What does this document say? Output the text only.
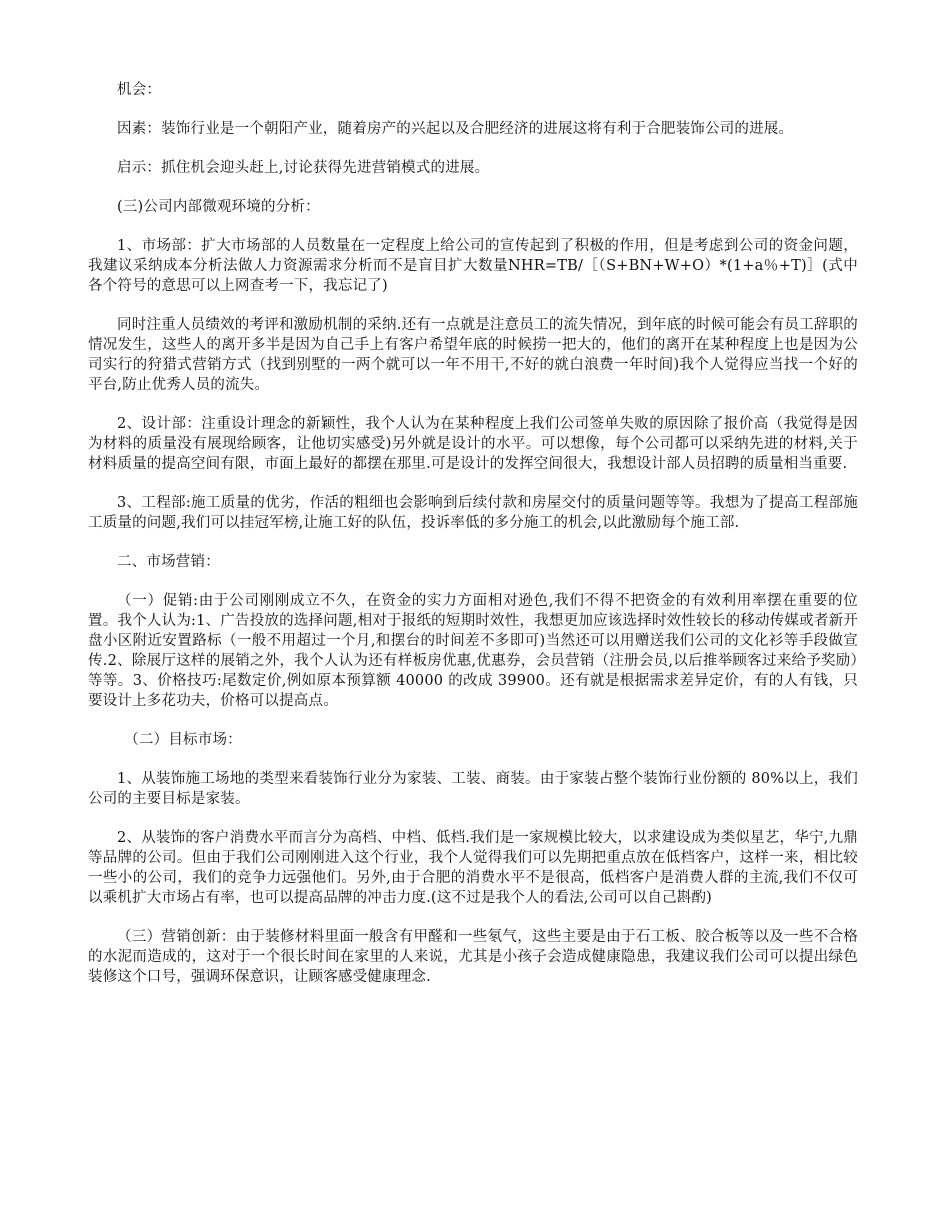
机会：

因素：装饰行业是一个朝阳产业，随着房产的兴起以及合肥经济的进展这将有利于合肥装饰公司的进展。

启示：抓住机会迎头赶上,讨论获得先进营销模式的进展。

(三)公司内部微观环境的分析：

1、市场部：扩大市场部的人员数量在一定程度上给公司的宣传起到了积极的作用，但是考虑到公司的资金问题，我建议采纳成本分析法做人力资源需求分析而不是盲目扩大数量NHR=TB/［（S+BN+W+O）*(1+a％+T)］(式中 各个符号的意思可以上网查考一下，我忘记了)

同时注重人员绩效的考评和激励机制的采纳.还有一点就是注意员工的流失情况，到年底的时候可能会有员工辞职的情况发生，这些人的离开多半是因为自己手上有客户希望年底的时候捞一把大的，他们的离开在某种程度上也是因为公司实行的狩猎式营销方式（找到别墅的一两个就可以一年不用干,不好的就白浪费一年时间)我个人觉得应当找一个好的平台,防止优秀人员的流失。

2、设计部：注重设计理念的新颖性，我个人认为在某种程度上我们公司签单失败的原因除了报价高（我觉得是因为材料的质量没有展现给顾客，让他切实感受)另外就是设计的水平。可以想像，每个公司都可以采纳先进的材料,关于材料质量的提高空间有限，市面上最好的都摆在那里.可是设计的发挥空间很大，我想设计部人员招聘的质量相当重要.

3、工程部:施工质量的优劣，作活的粗细也会影响到后续付款和房屋交付的质量问题等等。我想为了提高工程部施工质量的问题,我们可以挂冠军榜,让施工好的队伍，投诉率低的多分施工的机会,以此激励每个施工部.

二、市场营销：

（一）促销:由于公司刚刚成立不久，在资金的实力方面相对逊色,我们不得不把资金的有效利用率摆在重要的位置。我个人认为:1、广告投放的选择问题,相对于报纸的短期时效性，我想更加应该选择时效性较长的移动传媒或者新开盘小区附近安置路标（一般不用超过一个月,和摆台的时间差不多即可)当然还可以用赠送我们公司的文化衫等手段做宣传.2、除展厅这样的展销之外，我个人认为还有样板房优惠,优惠券，会员营销（注册会员,以后推举顾客过来给予奖励）等等。3、价格技巧:尾数定价,例如原本预算额 40000 的改成 39900。还有就是根据需求差异定价，有的人有钱，只要设计上多花功夫，价格可以提高点。

（二）目标市场：

1、从装饰施工场地的类型来看装饰行业分为家装、工装、商装。由于家装占整个装饰行业份额的 80%以上，我们公司的主要目标是家装。

2、从装饰的客户消费水平而言分为高档、中档、低档.我们是一家规模比较大，以求建设成为类似星艺，华宁,九鼎等品牌的公司。但由于我们公司刚刚进入这个行业，我个人觉得我们可以先期把重点放在低档客户，这样一来，相比较一些小的公司，我们的竞争力远强他们。另外,由于合肥的消费水平不是很高，低档客户是消费人群的主流,我们不仅可以乘机扩大市场占有率，也可以提高品牌的冲击力度.(这不过是我个人的看法,公司可以自己斟酌)

（三）营销创新：由于装修材料里面一般含有甲醛和一些氡气，这些主要是由于石工板、胶合板等以及一些不合格的水泥而造成的，这对于一个很长时间在家里的人来说，尤其是小孩子会造成健康隐患，我建议我们公司可以提出绿色装修这个口号，强调环保意识，让顾客感受健康理念.
